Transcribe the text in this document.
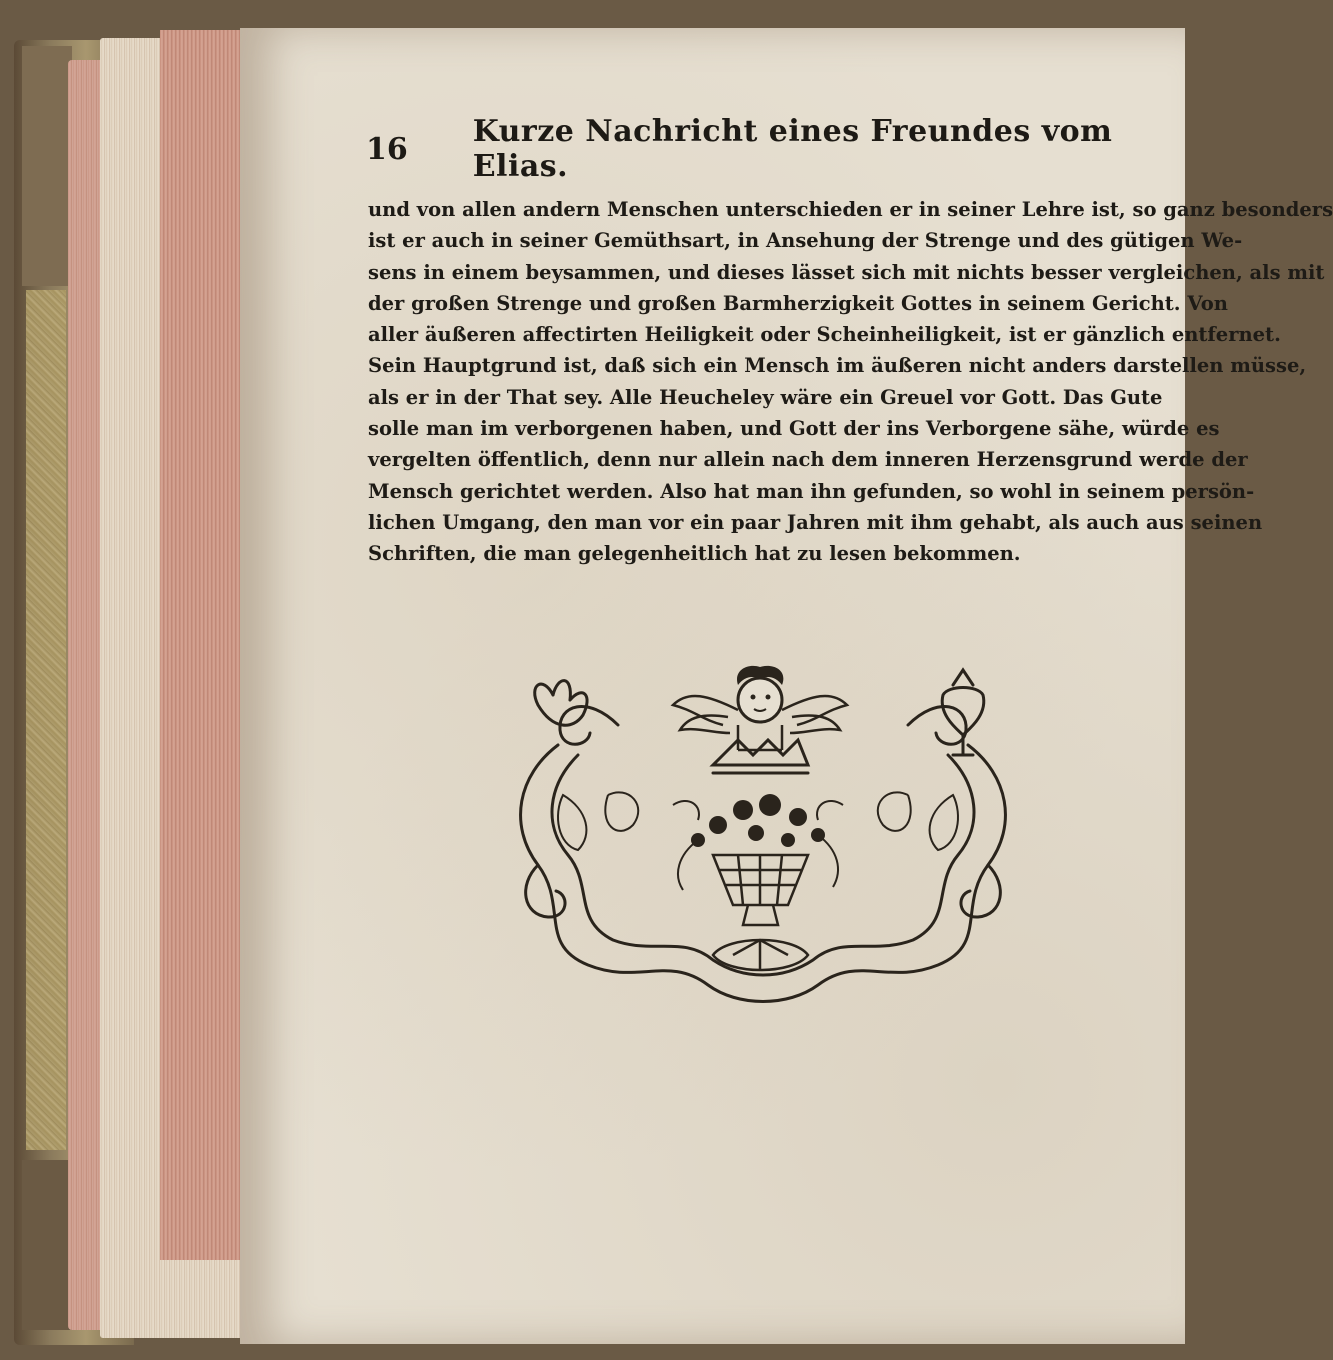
16	Kurze Nachricht eines Freundes vom Elias.
und von allen andern Menschen unterschieden er in seiner Lehre ist, so ganz besonders
ist er auch in seiner Gemüthsart, in Ansehung der Strenge und des gütigen We-
sens in einem beysammen, und dieses lässet sich mit nichts besser vergleichen, als mit
der großen Strenge und großen Barmherzigkeit Gottes in seinem Gericht. Von
aller äußeren affectirten Heiligkeit oder Scheinheiligkeit, ist er gänzlich entfernet.
Sein Hauptgrund ist, daß sich ein Mensch im äußeren nicht anders darstellen müsse,
als er in der That sey. Alle Heucheley wäre ein Greuel vor Gott. Das Gute
solle man im verborgenen haben, und Gott der ins Verborgene sähe, würde es
vergelten öffentlich, denn nur allein nach dem inneren Herzensgrund werde der
Mensch gerichtet werden. Also hat man ihn gefunden, so wohl in seinem persön-
lichen Umgang, den man vor ein paar Jahren mit ihm gehabt, als auch aus seinen
Schriften, die man gelegenheitlich hat zu lesen bekommen.
